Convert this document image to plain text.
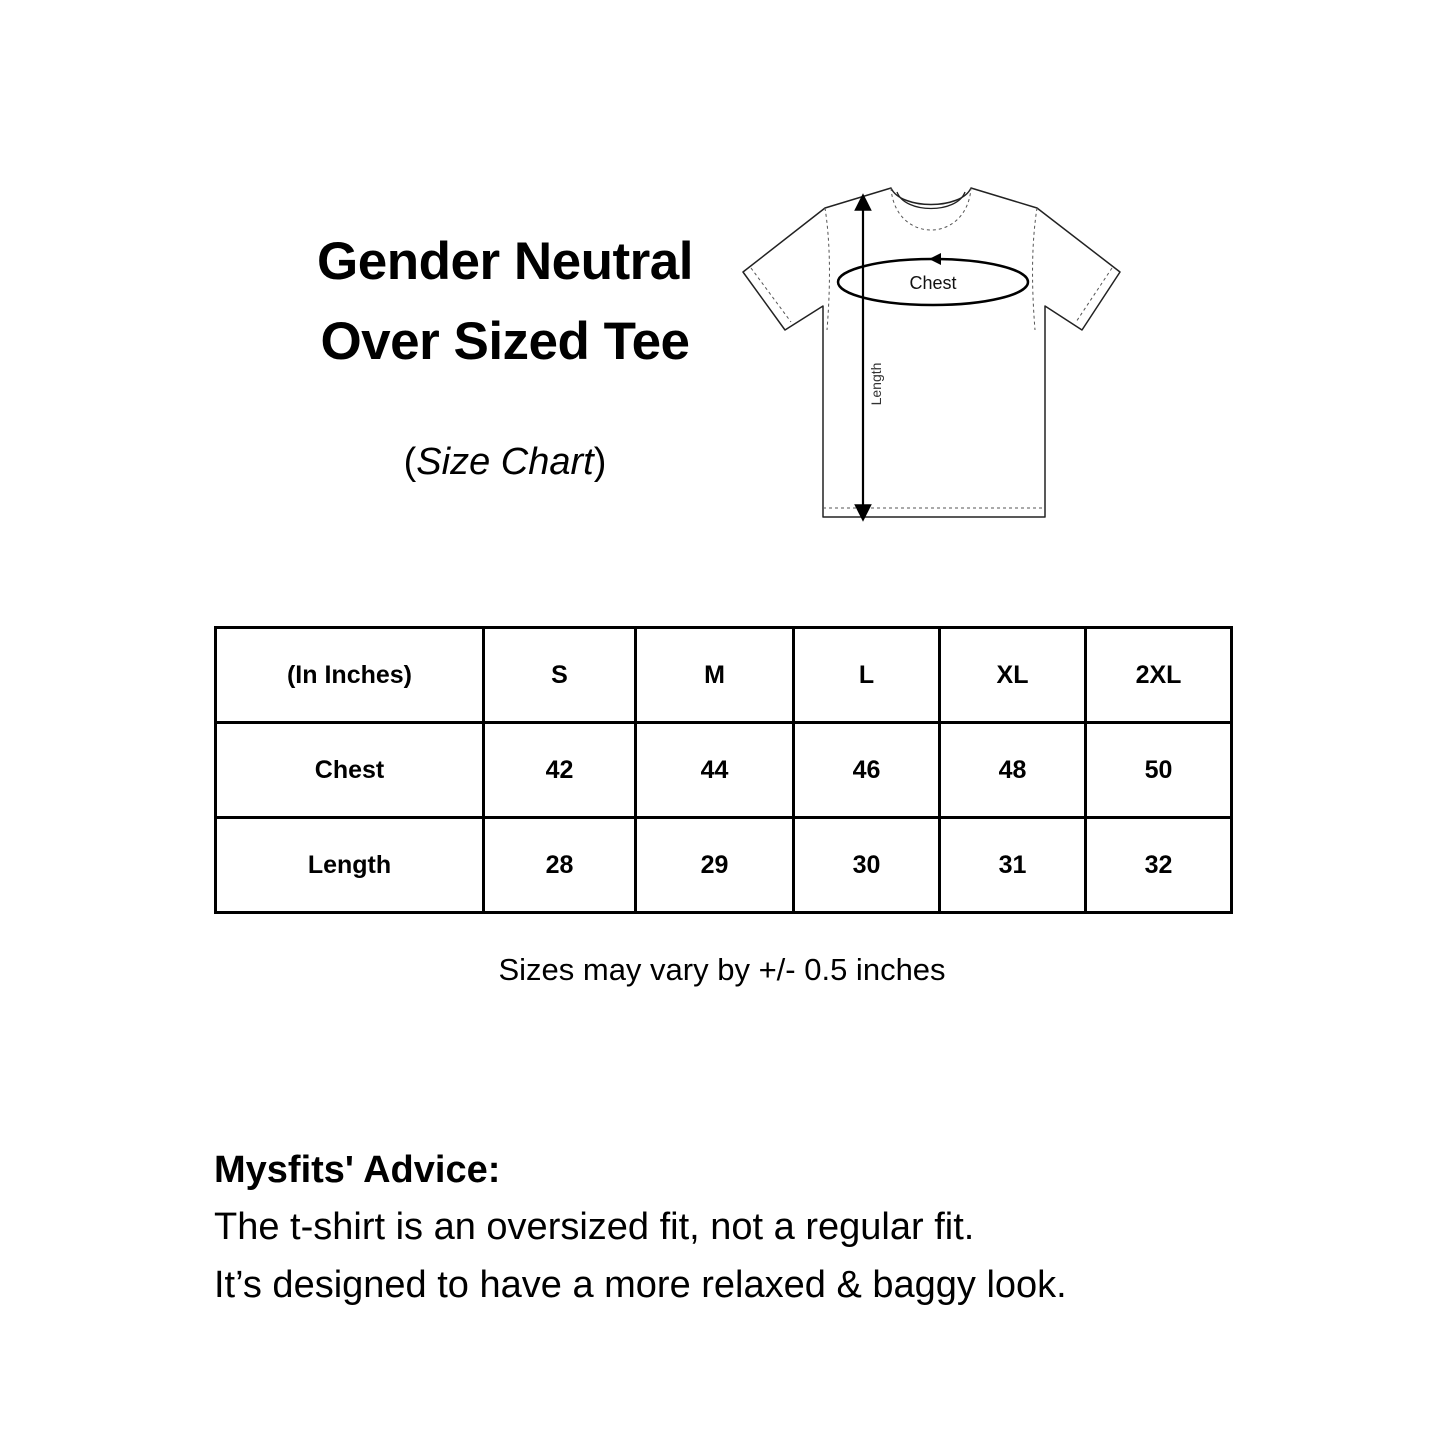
Gender Neutral
Over Sized Tee
(Size Chart)
Chest
Length
(In Inches)	S	M	L	XL	2XL
Chest	42	44	46	48	50
Length	28	29	30	31	32
Sizes may vary by +/- 0.5 inches
Mysfits' Advice:
The t-shirt is an oversized fit, not a regular fit.
It’s designed to have a more relaxed & baggy look.
